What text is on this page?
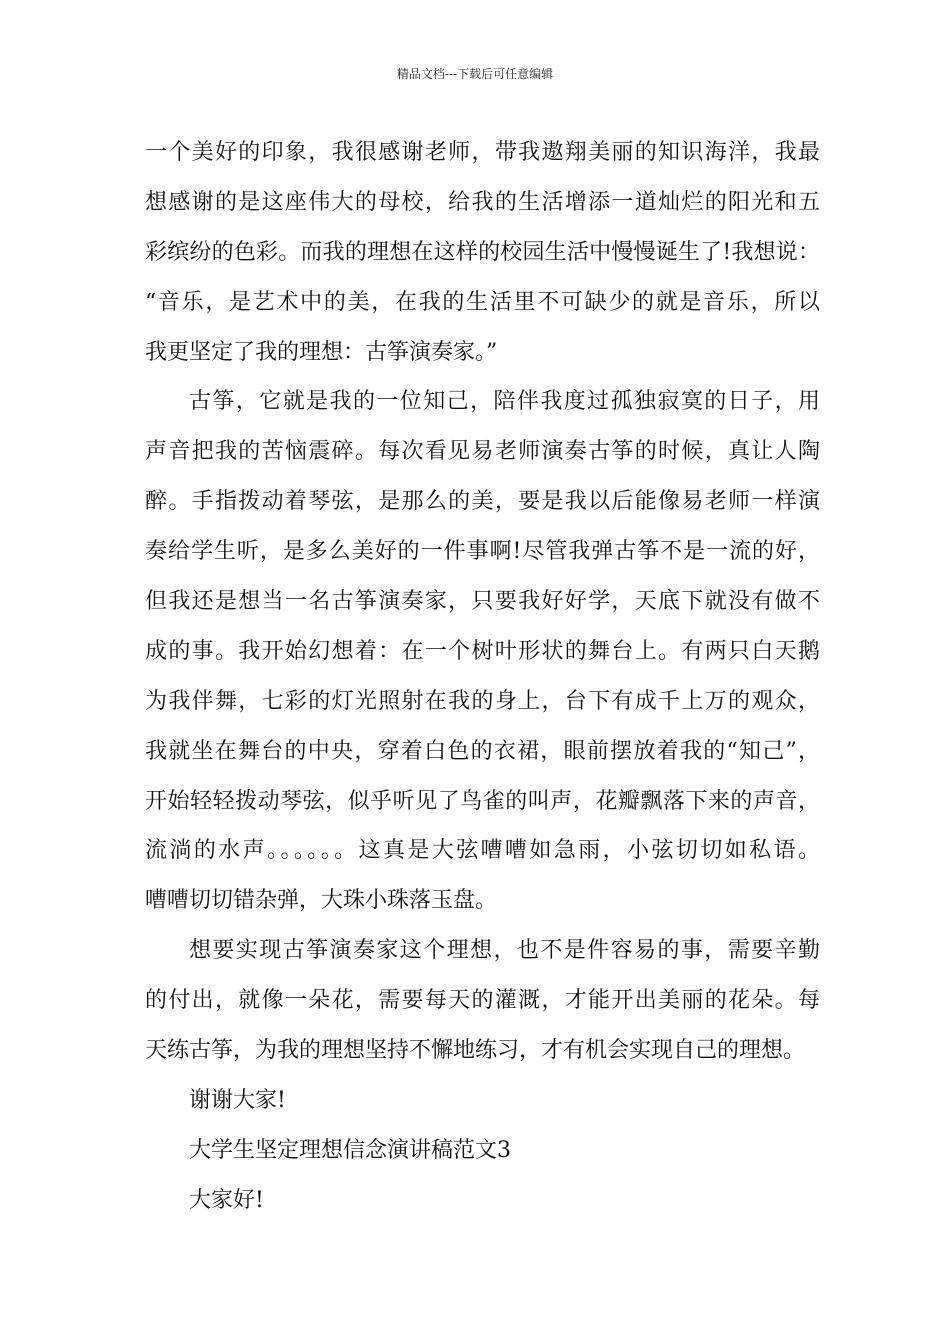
精品文档---下载后可任意编辑
一个美好的印象，我很感谢老师，带我遨翔美丽的知识海洋，我最
想感谢的是这座伟大的母校，给我的生活增添一道灿烂的阳光和五
彩缤纷的色彩。而我的理想在这样的校园生活中慢慢诞生了!我想说：
“音乐，是艺术中的美，在我的生活里不可缺少的就是音乐，所以
我更坚定了我的理想：古筝演奏家。”
古筝，它就是我的一位知己，陪伴我度过孤独寂寞的日子，用
声音把我的苦恼震碎。每次看见易老师演奏古筝的时候，真让人陶
醉。手指拨动着琴弦，是那么的美，要是我以后能像易老师一样演
奏给学生听，是多么美好的一件事啊!尽管我弹古筝不是一流的好，
但我还是想当一名古筝演奏家，只要我好好学，天底下就没有做不
成的事。我开始幻想着：在一个树叶形状的舞台上。有两只白天鹅
为我伴舞，七彩的灯光照射在我的身上，台下有成千上万的观众，
我就坐在舞台的中央，穿着白色的衣裙，眼前摆放着我的“知己”，
开始轻轻拨动琴弦，似乎听见了鸟雀的叫声，花瓣飘落下来的声音，
流淌的水声。。。。。。这真是大弦嘈嘈如急雨，小弦切切如私语。
嘈嘈切切错杂弹，大珠小珠落玉盘。
想要实现古筝演奏家这个理想，也不是件容易的事，需要辛勤
的付出，就像一朵花，需要每天的灌溉，才能开出美丽的花朵。每
天练古筝，为我的理想坚持不懈地练习，才有机会实现自己的理想。
谢谢大家!
大学生坚定理想信念演讲稿范文3
大家好!
